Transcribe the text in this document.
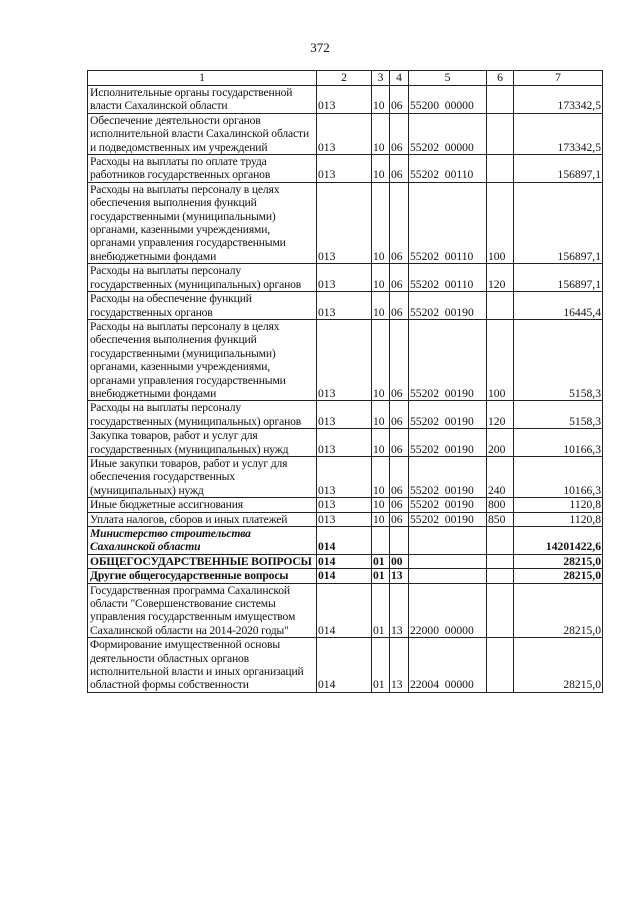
372
1	2	3	4	5	6	7
Исполнительные органы государственной власти Сахалинской области	013	10	06	55200  00000		173342,5
Обеспечение деятельности органов исполнительной власти Сахалинской области и подведомственных им учреждений	013	10	06	55202  00000		173342,5
Расходы на выплаты по оплате труда работников государственных органов	013	10	06	55202  00110		156897,1
Расходы на выплаты персоналу в целях обеспечения выполнения функций государственными (муниципальными) органами, казенными учреждениями, органами управления государственными внебюджетными фондами	013	10	06	55202  00110	100	156897,1
Расходы на выплаты персоналу государственных (муниципальных) органов	013	10	06	55202  00110	120	156897,1
Расходы на обеспечение функций государственных органов	013	10	06	55202  00190		16445,4
Расходы на выплаты персоналу в целях обеспечения выполнения функций государственными (муниципальными) органами, казенными учреждениями, органами управления государственными внебюджетными фондами	013	10	06	55202  00190	100	5158,3
Расходы на выплаты персоналу государственных (муниципальных) органов	013	10	06	55202  00190	120	5158,3
Закупка товаров, работ и услуг для государственных (муниципальных) нужд	013	10	06	55202  00190	200	10166,3
Иные закупки товаров, работ и услуг для обеспечения государственных (муниципальных) нужд	013	10	06	55202  00190	240	10166,3
Иные бюджетные ассигнования	013	10	06	55202  00190	800	1120,8
Уплата налогов, сборов и иных платежей	013	10	06	55202  00190	850	1120,8
Министерство строительства Сахалинской области	014					14201422,6
ОБЩЕГОСУДАРСТВЕННЫЕ ВОПРОСЫ	014	01	00			28215,0
Другие общегосударственные вопросы	014	01	13			28215,0
Государственная программа Сахалинской области "Совершенствование системы управления государственным имуществом Сахалинской области на 2014-2020 годы"	014	01	13	22000  00000		28215,0
Формирование имущественной основы деятельности областных органов исполнительной власти и иных организаций областной формы собственности	014	01	13	22004  00000		28215,0
